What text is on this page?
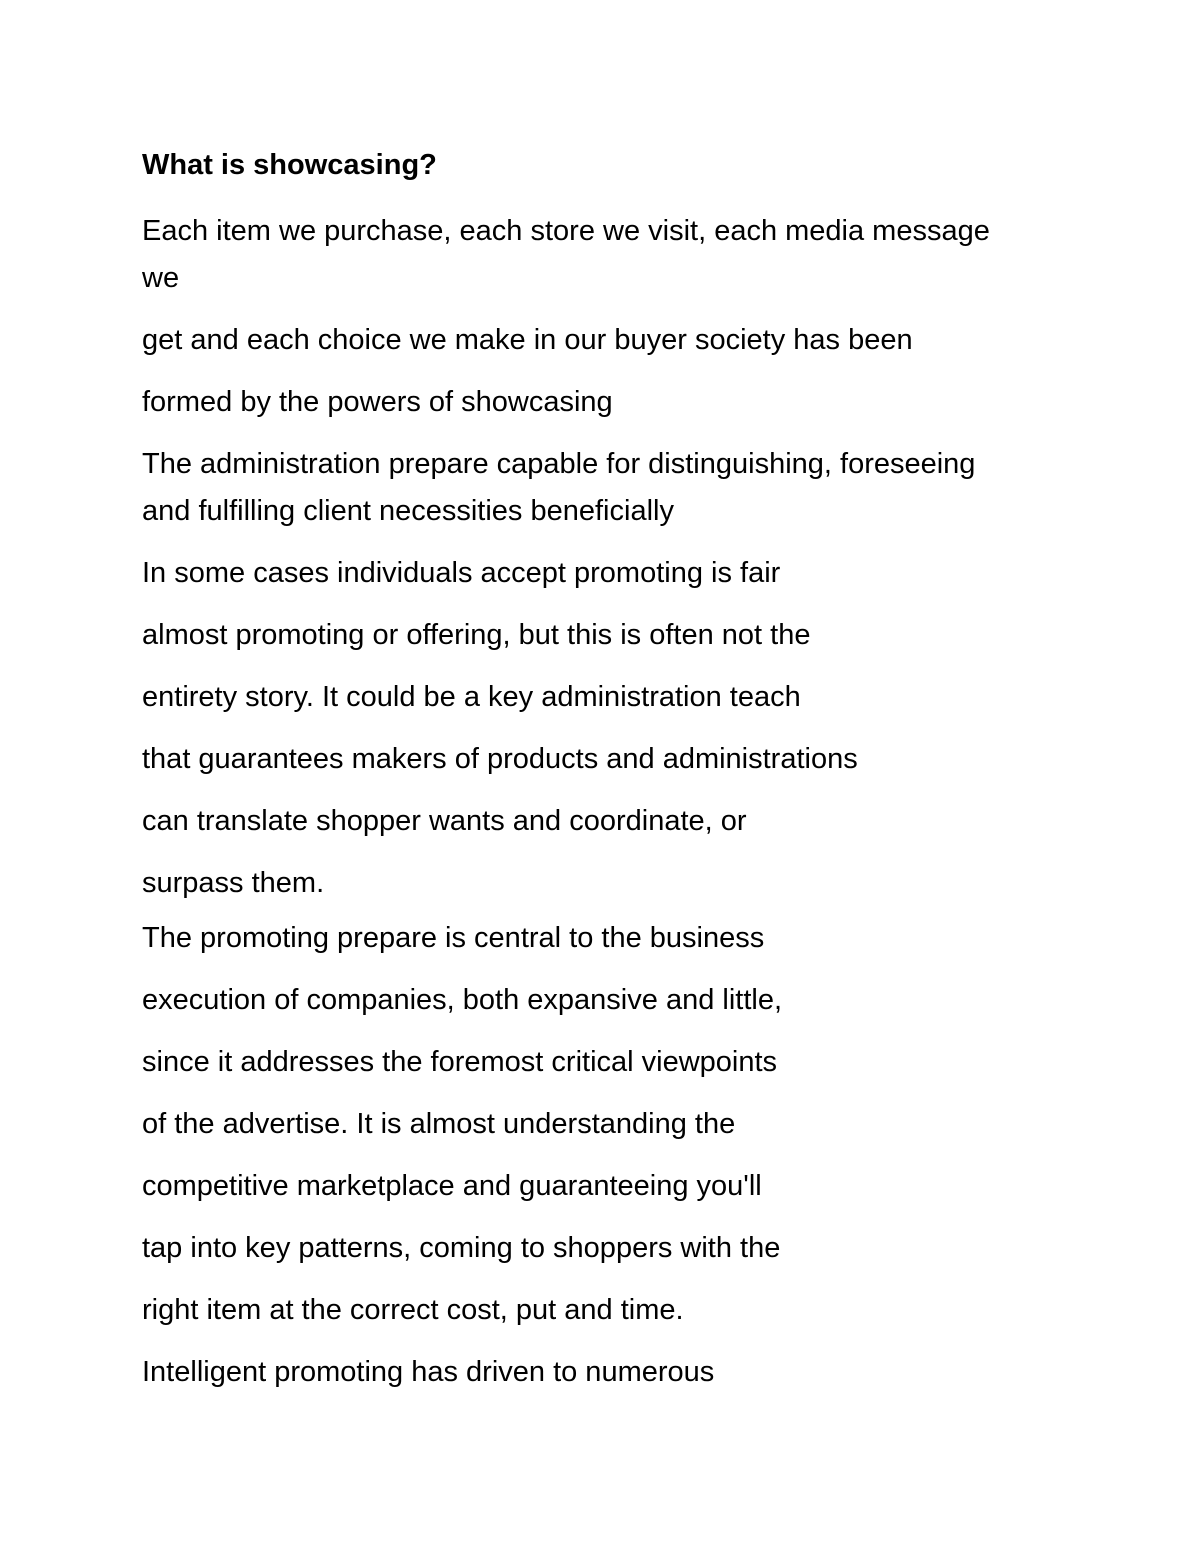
What is showcasing?
Each item we purchase, each store we visit, each media message we
get and each choice we make in our buyer society has been
formed by the powers of showcasing
The administration prepare capable for distinguishing, foreseeing and fulfilling client necessities beneficially
In some cases individuals accept promoting is fair
almost promoting or offering, but this is often not the
entirety story. It could be a key administration teach
that guarantees makers of products and administrations
can translate shopper wants and coordinate, or
surpass them.
The promoting prepare is central to the business
execution of companies, both expansive and little,
since it addresses the foremost critical viewpoints
of the advertise. It is almost understanding the
competitive marketplace and guaranteeing you'll
tap into key patterns, coming to shoppers with the
right item at the correct cost, put and time.
Intelligent promoting has driven to numerous
